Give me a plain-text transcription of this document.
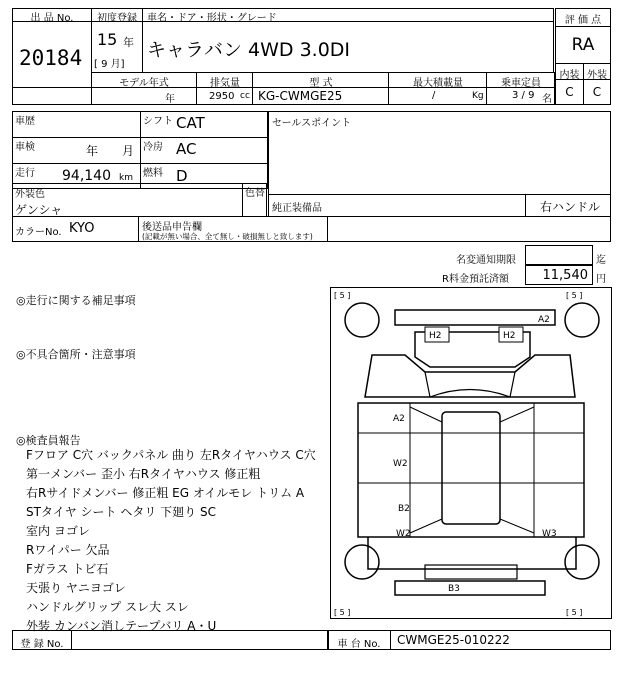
出 品 No.
20184
初度登録	車名・ドア・形状・グレード
15 年
[ 9 月]
キャラバン 4WD 3.0DI
評 価 点
RA
内装 外装
C	C
モデル年式	排気量	型 式	最大積載量	乗車定員
年	2950 cc KG-CWMGE25	/	Kg	3 / 9 名
車歴	シフト CAT
車検	年 月 冷房 AC
走行 94,140 km 燃料 D
セールスポイント
外装色
ゲンシャ
色替
純正装備品	右ハンドル
カラーNo. KYO	後送品申告欄
(記載が無い場合、全て無し・破損無しと致します)
名変通知期限	迄
R料金預託済額	11,540 円
◎走行に関する補足事項
◎不具合箇所・注意事項
◎検査員報告
Fフロア C穴 バックパネル 曲り 左Rタイヤハウス C穴
第一メンバー 歪小 右Rタイヤハウス 修正粗
右Rサイドメンバー 修正粗 EG オイルモレ トリム A
STタイヤ シート ヘタリ 下廻り SC
室内 ヨゴレ
Rワイパー 欠品
Fガラス トビ石
天張り ヤニヨゴレ
ハンドルグリップ スレ大 スレ
外装 カンバン消しテープバリ A・U
[ 5 ]	[ 5 ]
[ 5 ]	[ 5 ]
A2
H2	H2
A2
W2
B2
W2	W3
B3
登 録 No.	車 台 No.	CWMGE25-010222
